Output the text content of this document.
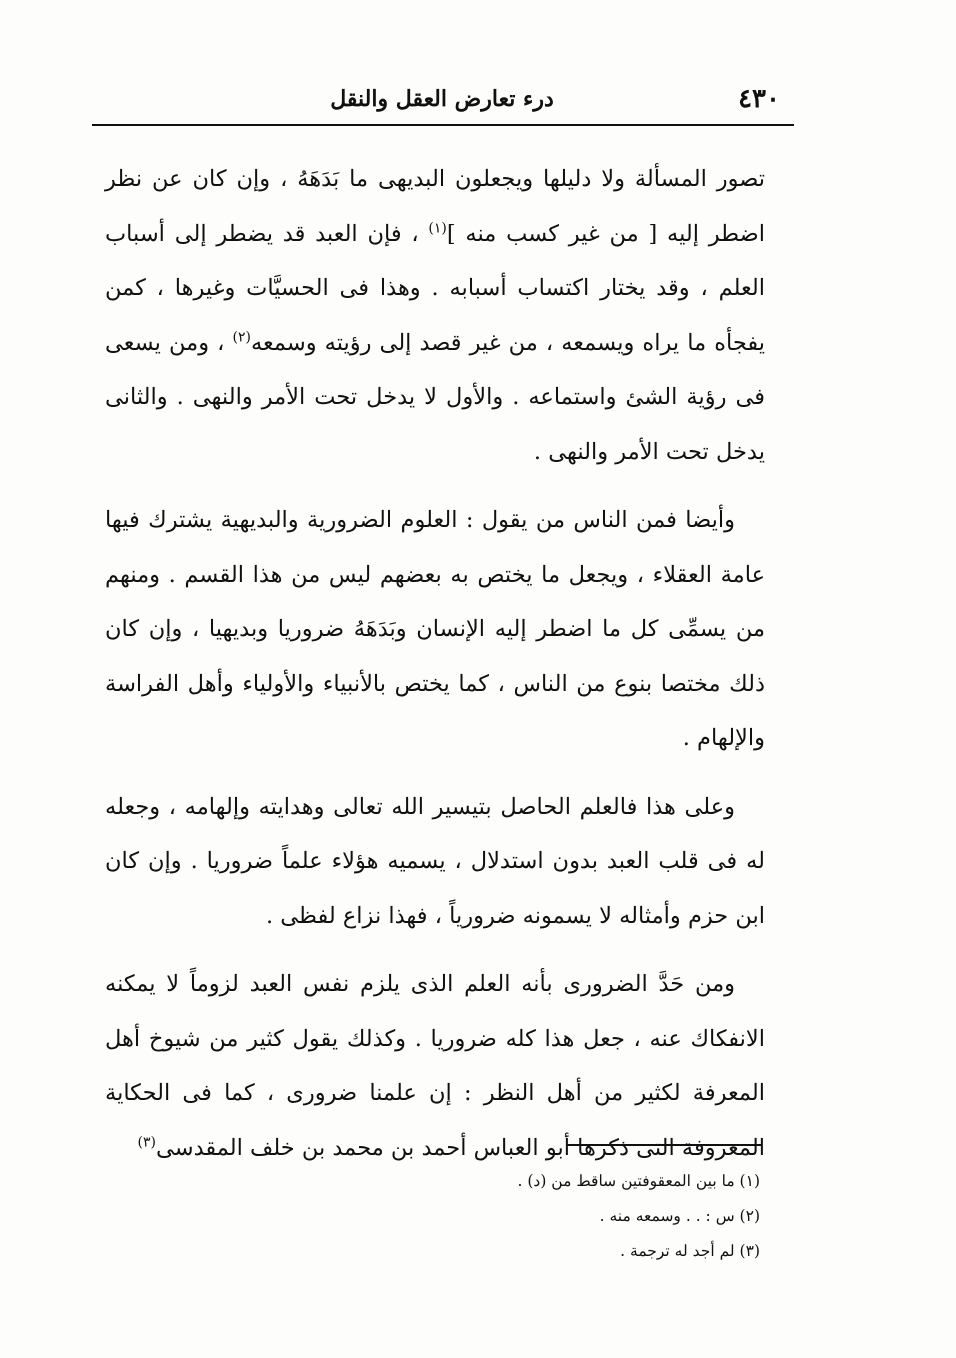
٤٣٠
درء تعارض العقل والنقل

تصور المسألة ولا دليلها ويجعلون البديهى ما بَدَهَهُ ، وإن كان عن نظر اضطر إليه [ من غير كسب منه ]$^{(١)}$ ، فإن العبد قد يضطر إلى أسباب العلم ، وقد يختار اكتساب أسبابه . وهذا فى الحسيَّات وغيرها ، كمن يفجأه ما يراه ويسمعه ، من غير قصد إلى رؤيته وسمعه$^{(٢)}$ ، ومن يسعى فى رؤية الشئ واستماعه . والأول لا يدخل تحت الأمر والنهى . والثانى يدخل تحت الأمر والنهى .

وأيضا فمن الناس من يقول : العلوم الضرورية والبديهية يشترك فيها عامة العقلاء ، ويجعل ما يختص به بعضهم ليس من هذا القسم . ومنهم من يسمِّى كل ما اضطر إليه الإنسان وبَدَهَهُ ضروريا وبديهيا ، وإن كان ذلك مختصا بنوع من الناس ، كما يختص بالأنبياء والأولياء وأهل الفراسة والإلهام .

وعلى هذا فالعلم الحاصل بتيسير الله تعالى وهدايته وإلهامه ، وجعله له فى قلب العبد بدون استدلال ، يسميه هؤلاء علماً ضروريا . وإن كان ابن حزم وأمثاله لا يسمونه ضرورياً ، فهذا نزاع لفظى .

ومن حَدَّ الضرورى بأنه العلم الذى يلزم نفس العبد لزوماً لا يمكنه الانفكاك عنه ، جعل هذا كله ضروريا . وكذلك يقول كثير من شيوخ أهل المعرفة لكثير من أهل النظر : إن علمنا ضرورى ، كما فى الحكاية المعروفة التى ذكرها أبو العباس أحمد بن محمد بن خلف المقدسى$^{(٣)}$

(١) ما بين المعقوفتين ساقط من (د) .
(٢) س : . . وسمعه منه .
(٣) لم أجد له ترجمة .
